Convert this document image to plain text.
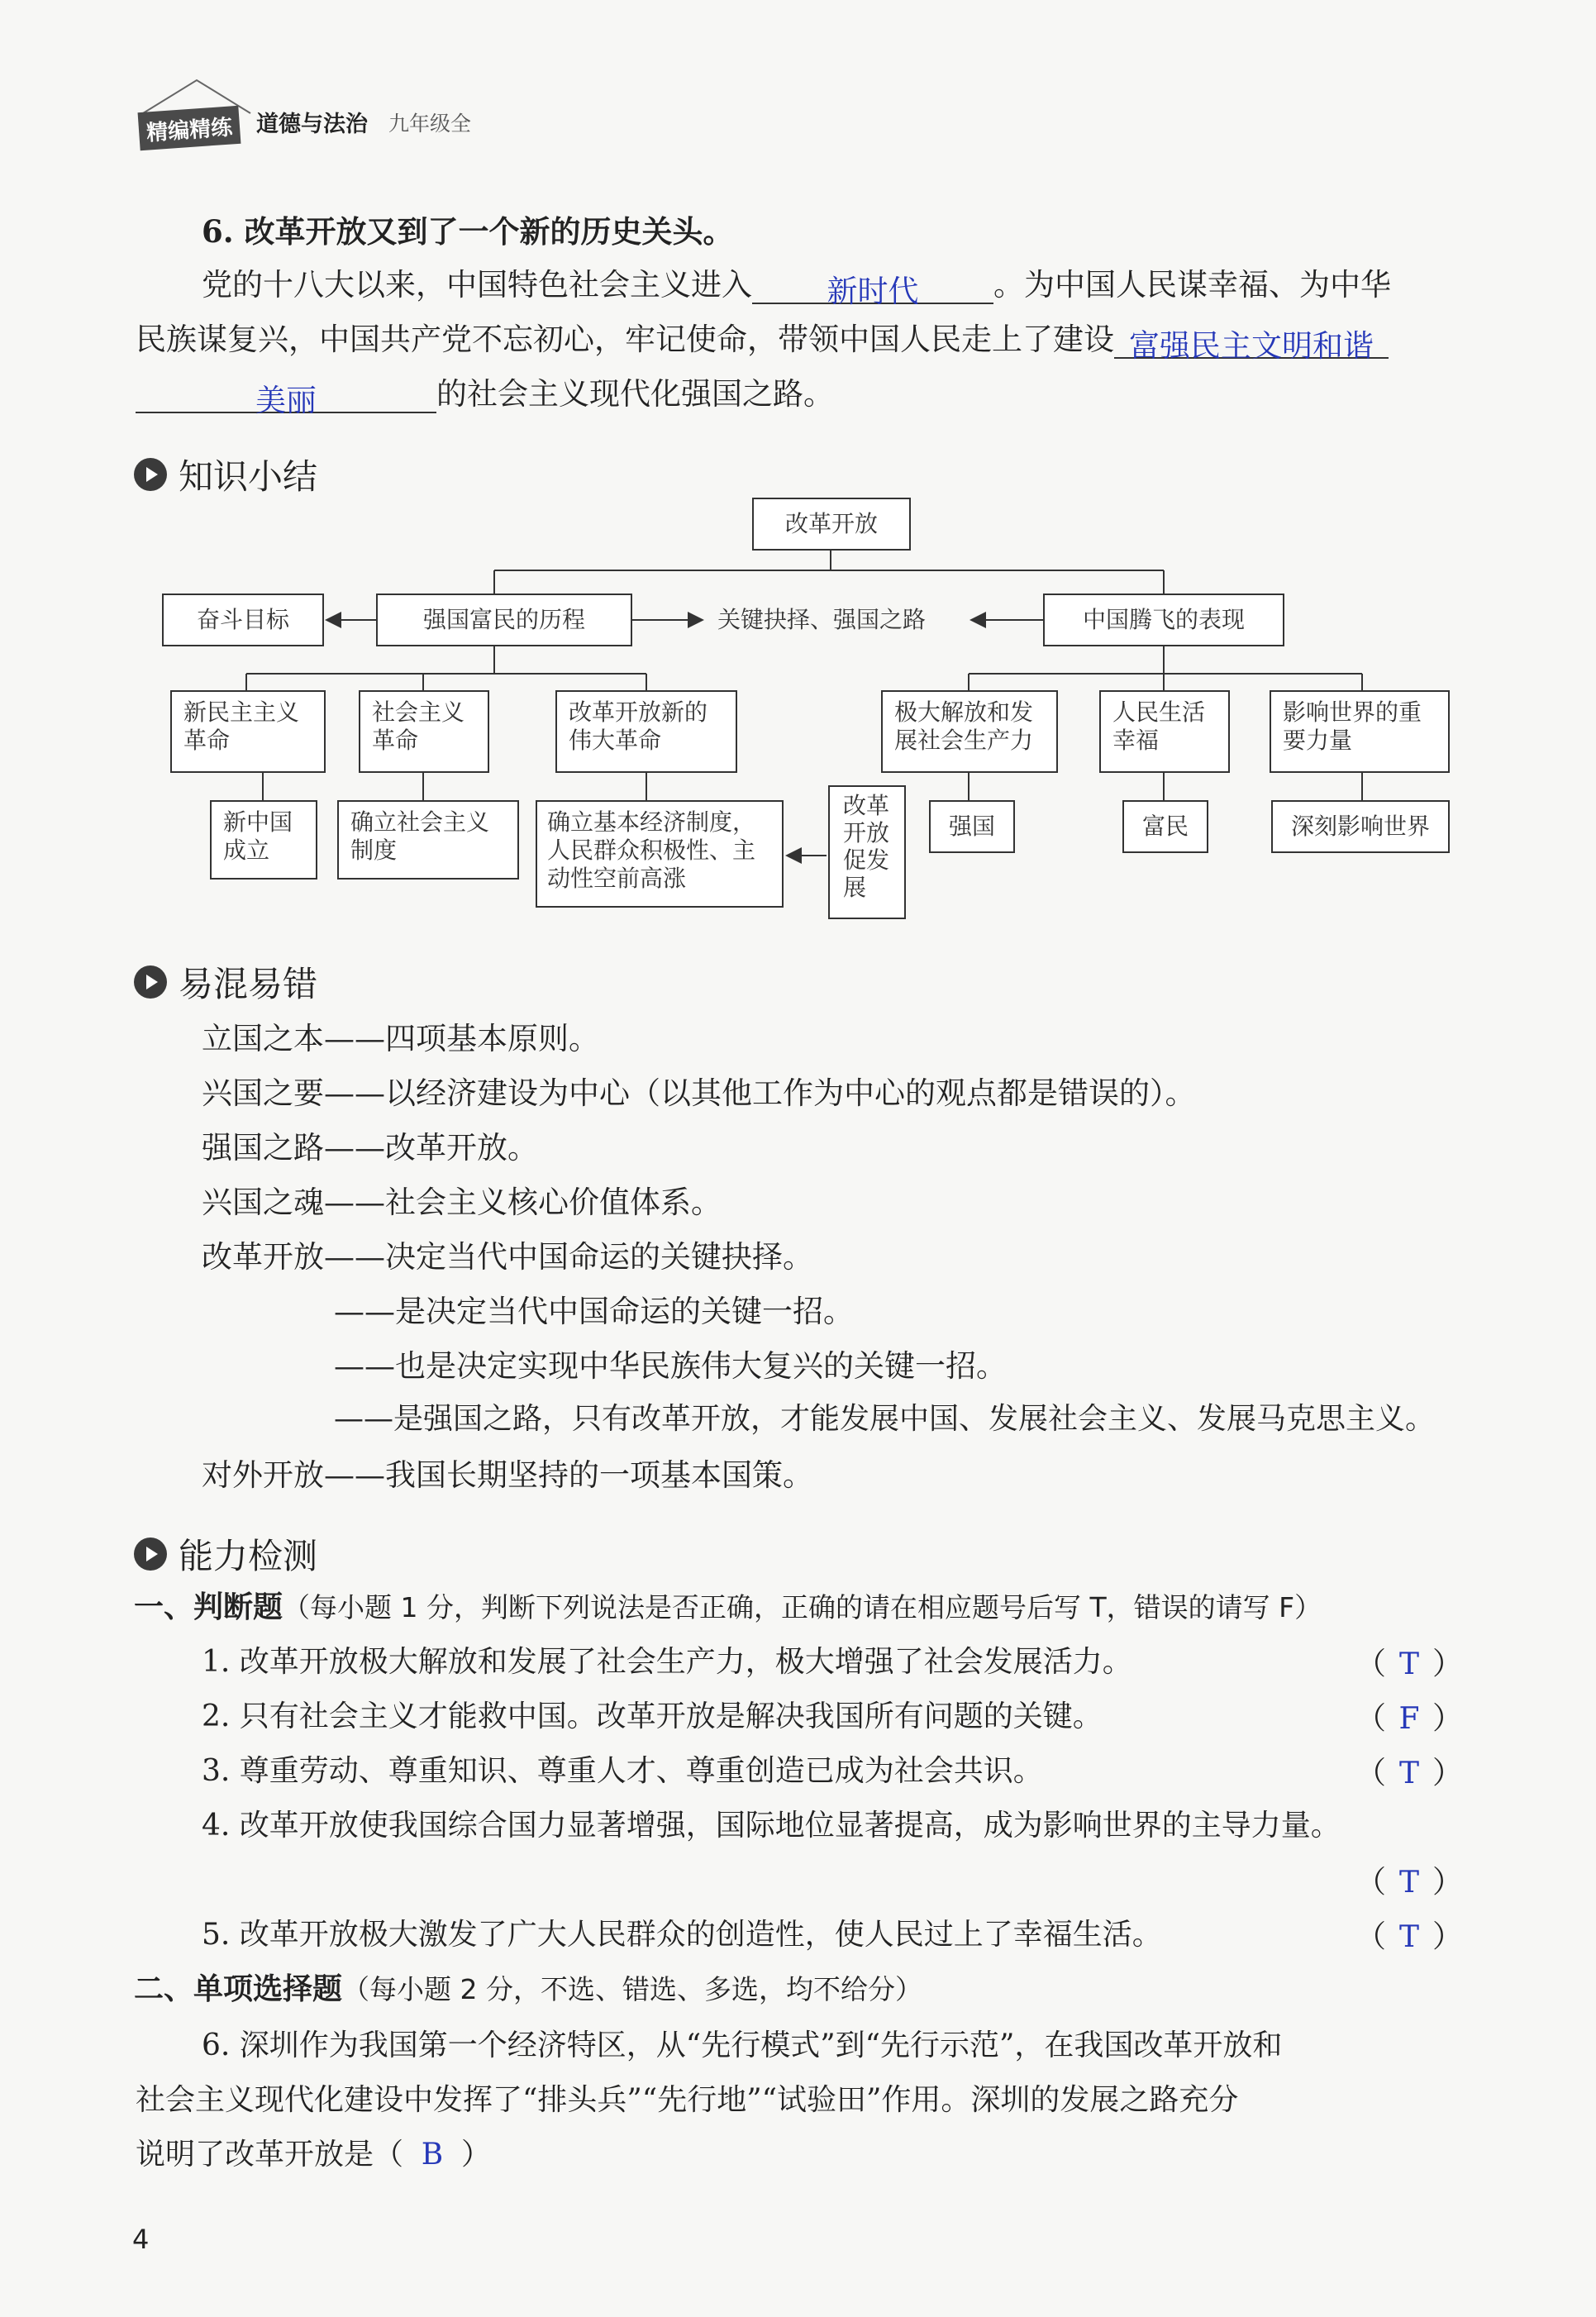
精编精练	道德与法治 九年级全
6. 改革开放又到了一个新的历史关头。
党的十八大以来，中国特色社会主义进入 新时代 。为中国人民谋幸福、为中华
民族谋复兴，中国共产党不忘初心，牢记使命，带领中国人民走上了建设 富强民主文明和谐
美丽	的社会主义现代化强国之路。
知识小结
改革开放
奋斗目标	强国富民的历程	关键抉择、强国之路	中国腾飞的表现
新民主主义革命
社会主义革命
改革开放新的伟大革命
极大解放和发展社会生产力
人民生活幸福
影响世界的重要力量
新中国成立
确立社会主义制度
确立基本经济制度，人民群众积极性、主动性空前高涨
改革开放促发展
强国	富民	深刻影响世界
易混易错
立国之本——四项基本原则。
兴国之要——以经济建设为中心（以其他工作为中心的观点都是错误的）。
强国之路——改革开放。
兴国之魂——社会主义核心价值体系。
改革开放——决定当代中国命运的关键抉择。
——是决定当代中国命运的关键一招。
——也是决定实现中华民族伟大复兴的关键一招。
——是强国之路，只有改革开放，才能发展中国、发展社会主义、发展马克思主义。
对外开放——我国长期坚持的一项基本国策。
能力检测
一、判断题（每小题 1 分，判断下列说法是否正确，正确的请在相应题号后写 T，错误的请写 F）
1. 改革开放极大解放和发展了社会生产力，极大增强了社会发展活力。	（ T ）
2. 只有社会主义才能救中国。改革开放是解决我国所有问题的关键。	（ F ）
3. 尊重劳动、尊重知识、尊重人才、尊重创造已成为社会共识。	（ T ）
4. 改革开放使我国综合国力显著增强，国际地位显著提高，成为影响世界的主导力量。
（ T ）
5. 改革开放极大激发了广大人民群众的创造性，使人民过上了幸福生活。	（ T ）
二、单项选择题（每小题 2 分，不选、错选、多选，均不给分）
6. 深圳作为我国第一个经济特区，从“先行模式”到“先行示范”，在我国改革开放和
社会主义现代化建设中发挥了“排头兵”“先行地”“试验田”作用。深圳的发展之路充分
说明了改革开放是（ B ）
4
